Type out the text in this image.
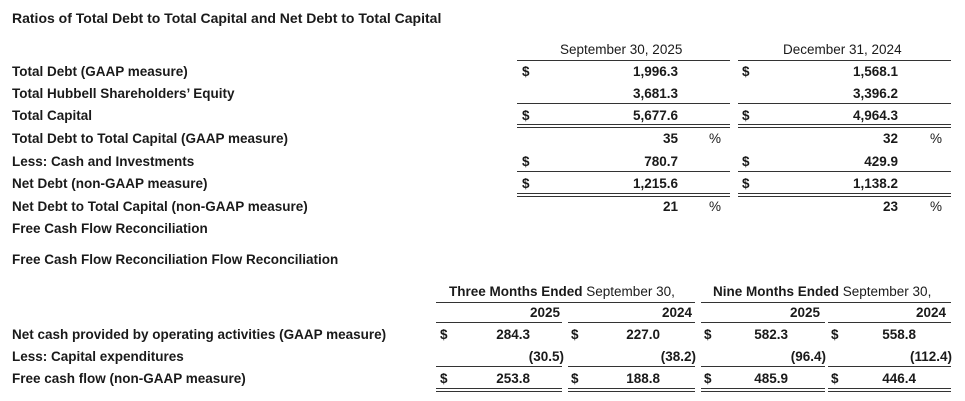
Ratios of Total Debt to Total Capital and Net Debt to Total Capital
September 30, 2025	December 31, 2024
Total Debt (GAAP measure)	$	1,996.3	$	1,568.1
Total Hubbell Shareholders’ Equity	3,681.3	3,396.2
Total Capital	$	5,677.6	$	4,964.3
Total Debt to Total Capital (GAAP measure)	35 %	32 %
Less: Cash and Investments	$	780.7	$	429.9
Net Debt (non-GAAP measure)	$	1,215.6	$	1,138.2
Net Debt to Total Capital (non-GAAP measure)	21 %	23 %
Free Cash Flow Reconciliation
Free Cash Flow Reconciliation Flow Reconciliation
Three Months Ended September 30,	Nine Months Ended September 30,
2025	2024	2025	2024
Net cash provided by operating activities (GAAP measure)	$	284.3	$	227.0	$	582.3	$	558.8
Less: Capital expenditures	(30.5)	(38.2)	(96.4)	(112.4)
Free cash flow (non-GAAP measure)	$	253.8	$	188.8	$	485.9	$	446.4
